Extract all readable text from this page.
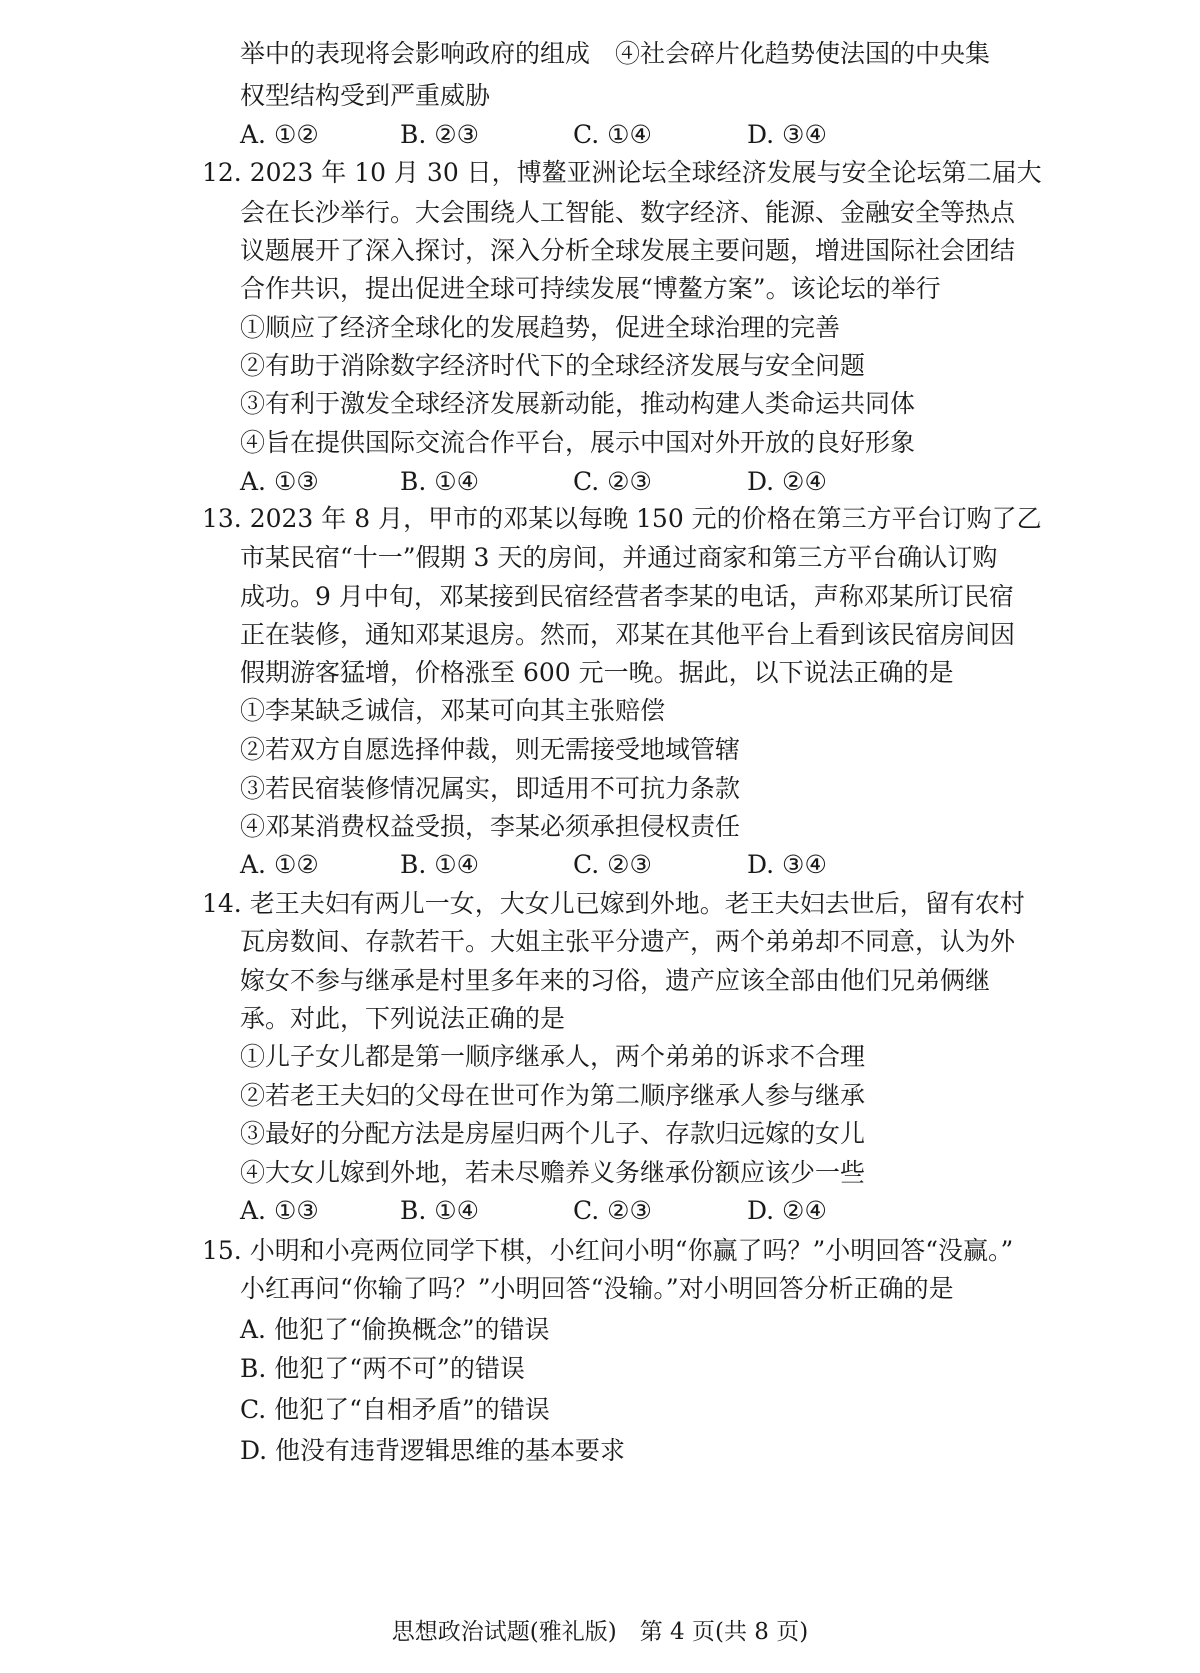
举中的表现将会影响政府的组成　④社会碎片化趋势使法国的中央集
权型结构受到严重威胁
A. ①②	B. ②③	C. ①④	D. ③④
12. 2023 年 10 月 30 日，博鳌亚洲论坛全球经济发展与安全论坛第二届大
会在长沙举行。大会围绕人工智能、数字经济、能源、金融安全等热点
议题展开了深入探讨，深入分析全球发展主要问题，增进国际社会团结
合作共识，提出促进全球可持续发展“博鳌方案”。该论坛的举行
①顺应了经济全球化的发展趋势，促进全球治理的完善
②有助于消除数字经济时代下的全球经济发展与安全问题
③有利于激发全球经济发展新动能，推动构建人类命运共同体
④旨在提供国际交流合作平台，展示中国对外开放的良好形象
A. ①③	B. ①④	C. ②③	D. ②④
13. 2023 年 8 月，甲市的邓某以每晚 150 元的价格在第三方平台订购了乙
市某民宿“十一”假期 3 天的房间，并通过商家和第三方平台确认订购
成功。9 月中旬，邓某接到民宿经营者李某的电话，声称邓某所订民宿
正在装修，通知邓某退房。然而，邓某在其他平台上看到该民宿房间因
假期游客猛增，价格涨至 600 元一晚。据此，以下说法正确的是
①李某缺乏诚信，邓某可向其主张赔偿
②若双方自愿选择仲裁，则无需接受地域管辖
③若民宿装修情况属实，即适用不可抗力条款
④邓某消费权益受损，李某必须承担侵权责任
A. ①②	B. ①④	C. ②③	D. ③④
14. 老王夫妇有两儿一女，大女儿已嫁到外地。老王夫妇去世后，留有农村
瓦房数间、存款若干。大姐主张平分遗产，两个弟弟却不同意，认为外
嫁女不参与继承是村里多年来的习俗，遗产应该全部由他们兄弟俩继
承。对此，下列说法正确的是
①儿子女儿都是第一顺序继承人，两个弟弟的诉求不合理
②若老王夫妇的父母在世可作为第二顺序继承人参与继承
③最好的分配方法是房屋归两个儿子、存款归远嫁的女儿
④大女儿嫁到外地，若未尽赡养义务继承份额应该少一些
A. ①③	B. ①④	C. ②③	D. ②④
15. 小明和小亮两位同学下棋，小红问小明“你赢了吗？”小明回答“没赢。”
小红再问“你输了吗？”小明回答“没输。”对小明回答分析正确的是
A. 他犯了“偷换概念”的错误
B. 他犯了“两不可”的错误
C. 他犯了“自相矛盾”的错误
D. 他没有违背逻辑思维的基本要求
思想政治试题(雅礼版)　第 4 页(共 8 页)
